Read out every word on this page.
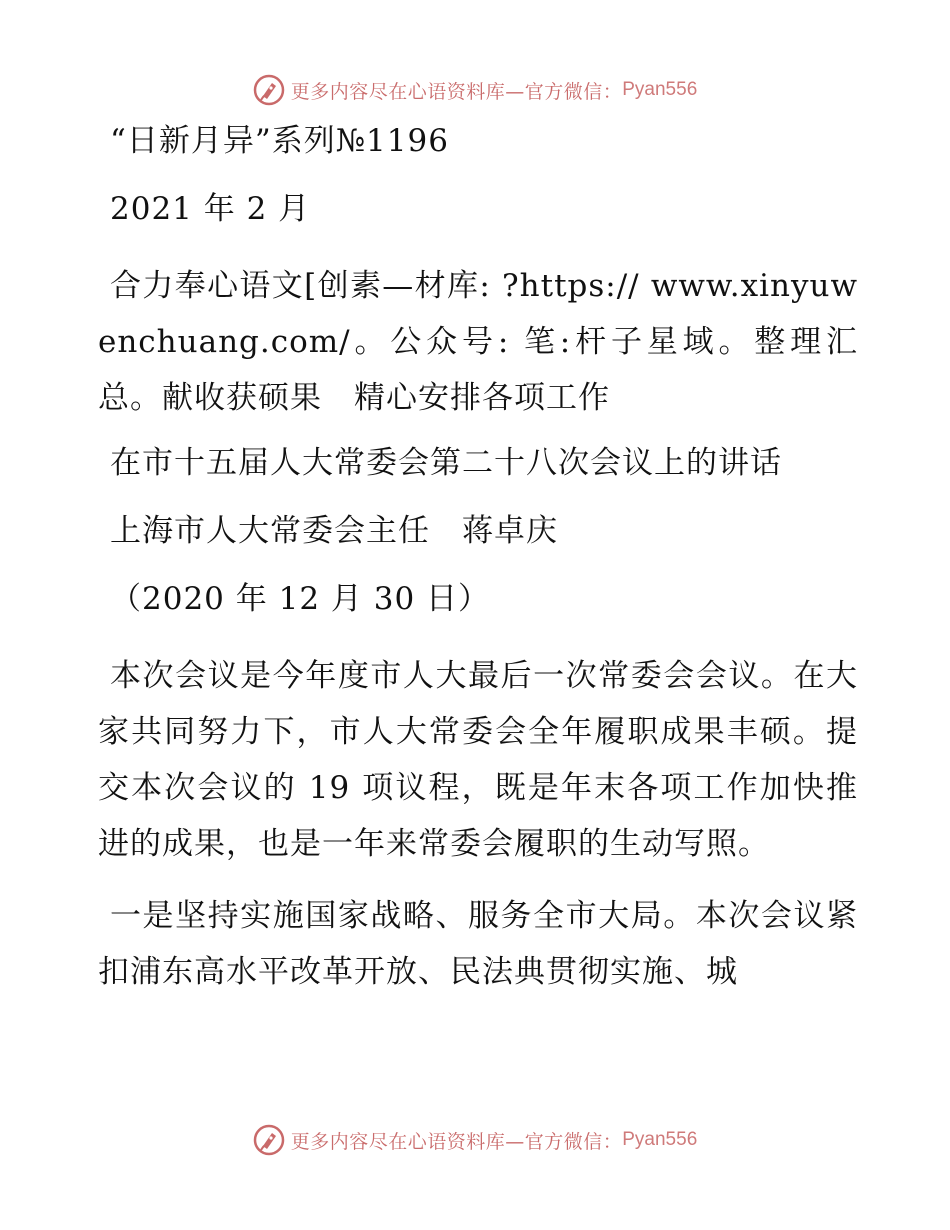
更多内容尽在心语资料库—官方微信： Pyan556
“日新月异”系列№1196
2021 年 2 月
合力奉心语文[创素—材库: ?https:// www.xinyuwenchuang.com/。公众号: 笔:杆子星域。整理汇总。献收获硕果　精心安排各项工作
在市十五届人大常委会第二十八次会议上的讲话
上海市人大常委会主任　蒋卓庆
（2020 年 12 月 30 日）
本次会议是今年度市人大最后一次常委会会议。在大家共同努力下，市人大常委会全年履职成果丰硕。提交本次会议的 19 项议程，既是年末各项工作加快推进的成果，也是一年来常委会履职的生动写照。
一是坚持实施国家战略、服务全市大局。本次会议紧扣浦东高水平改革开放、民法典贯彻实施、城
更多内容尽在心语资料库—官方微信： Pyan556
